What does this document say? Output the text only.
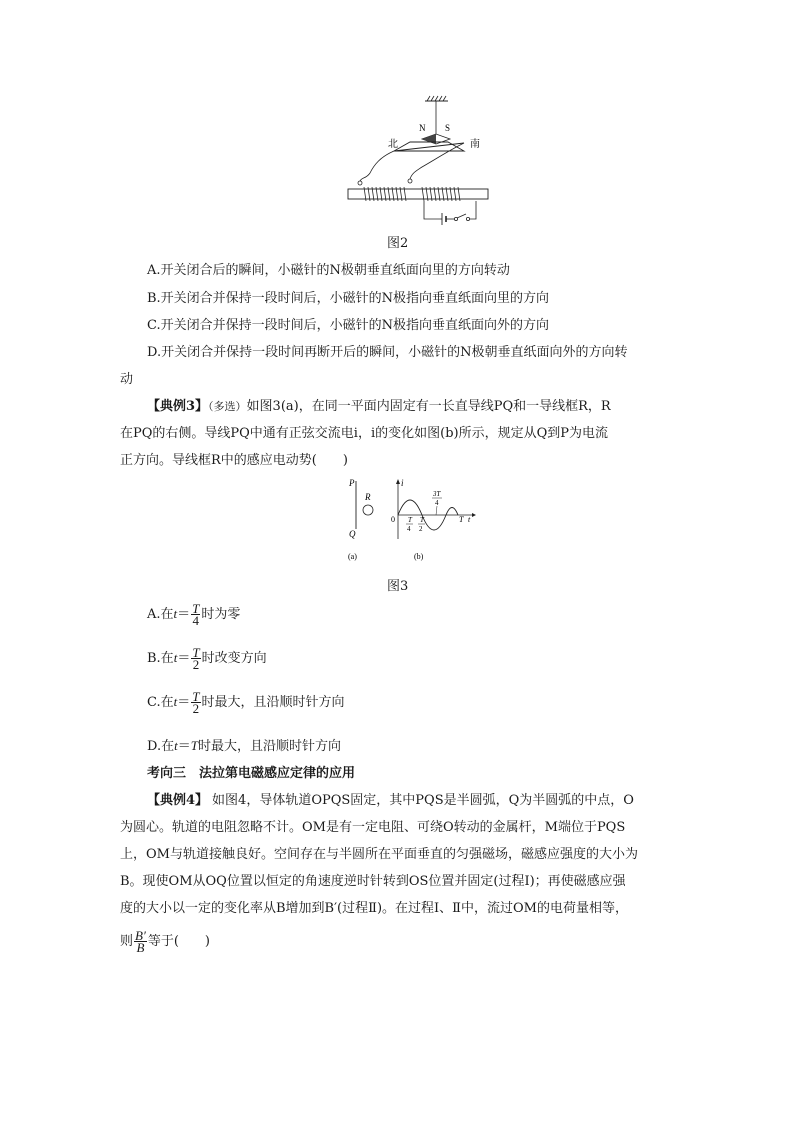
N S
北	南
图2
A.开关闭合后的瞬间，小磁针的N极朝垂直纸面向里的方向转动
B.开关闭合并保持一段时间后，小磁针的N极指向垂直纸面向里的方向
C.开关闭合并保持一段时间后，小磁针的N极指向垂直纸面向外的方向
D.开关闭合并保持一段时间再断开后的瞬间，小磁针的N极朝垂直纸面向外的方向转
动
【典例3】（多选）如图3(a)，在同一平面内固定有一长直导线PQ和一导线框R，R
在PQ的右侧。导线PQ中通有正弦交流电i，i的变化如图(b)所示，规定从Q到P为电流
正方向。导线框R中的感应电动势(　　)
P
Q
R
i
0	T t
T
4
T
2
3T
4
(a)	(b)
图3
A.在$t= \frac{T}{4}$ 时为零
B.在$t= \frac{T}{2}$ 时改变方向
C.在$t= \frac{T}{2}$ 时最大，且沿顺时针方向
D.在t＝T时最大，且沿顺时针方向
考向三　法拉第电磁感应定律的应用
【典例4】 如图4，导体轨道OPQS固定，其中PQS是半圆弧，Q为半圆弧的中点，O
为圆心。轨道的电阻忽略不计。OM是有一定电阻、可绕O转动的金属杆，M端位于PQS
上，OM与轨道接触良好。空间存在与半圆所在平面垂直的匀强磁场，磁感应强度的大小为
B。现使OM从OQ位置以恒定的角速度逆时针转到OS位置并固定(过程Ⅰ)；再使磁感应强
度的大小以一定的变化率从B增加到B′(过程Ⅱ)。在过程Ⅰ、Ⅱ中，流过OM的电荷量相等，
则 $\frac{B'}{B}$ 等于(　　)
